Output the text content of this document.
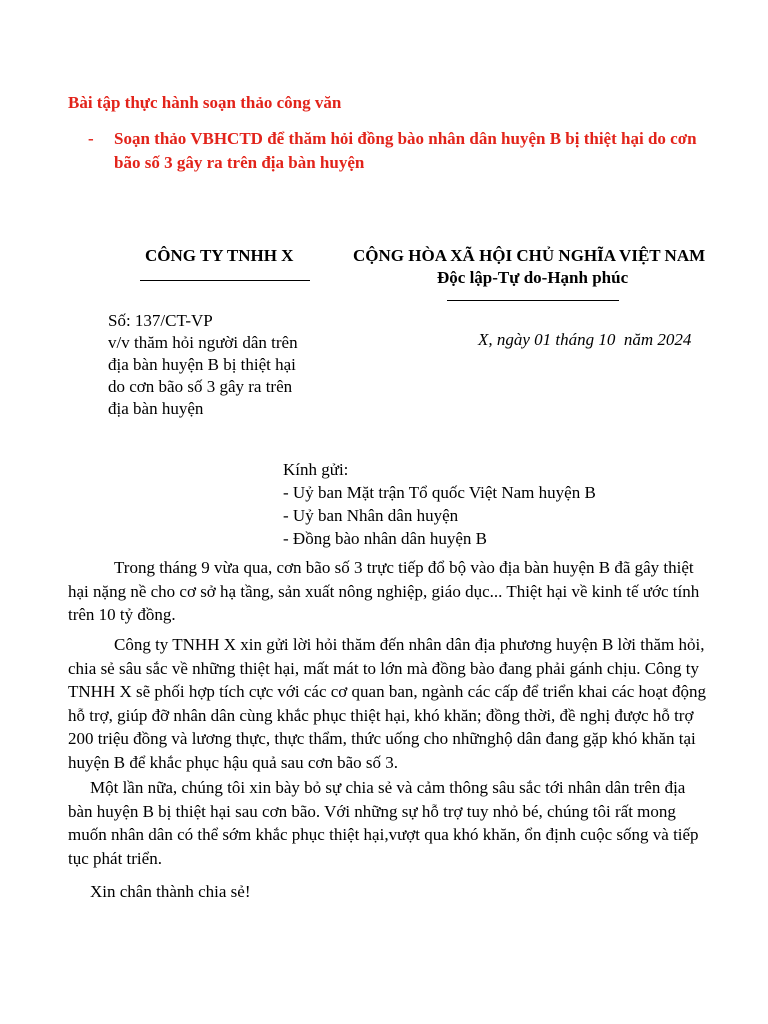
Bài tập thực hành soạn thảo công văn
- Soạn thảo VBHCTD để thăm hỏi đồng bào nhân dân huyện B bị thiệt hại do cơn bão số 3 gây ra trên địa bàn huyện
CÔNG TY TNHH X	CỘNG HÒA XÃ HỘI CHỦ NGHĨA VIỆT NAM
Độc lập-Tự do-Hạnh phúc
Số: 137/CT-VP
v/v thăm hỏi người dân trên
địa bàn huyện B bị thiệt hại
do cơn bão số 3 gây ra trên
địa bàn huyện
X, ngày 01 tháng 10  năm 2024
Kính gửi:
- Uỷ ban Mặt trận Tổ quốc Việt Nam huyện B
- Uỷ ban Nhân dân huyện
- Đồng bào nhân dân huyện B
Trong tháng 9 vừa qua, cơn bão số 3 trực tiếp đổ bộ vào địa bàn huyện B đã gây thiệt hại nặng nề cho cơ sở hạ tầng, sản xuất nông nghiệp, giáo dục... Thiệt hại về kinh tế ước tính trên 10 tỷ đồng.
Công ty TNHH X xin gửi lời hỏi thăm đến nhân dân địa phương huyện B lời thăm hỏi, chia sẻ sâu sắc về những thiệt hại, mất mát to lớn mà đồng bào đang phải gánh chịu. Công ty TNHH X sẽ phối hợp tích cực với các cơ quan ban, ngành các cấp để triển khai các hoạt động hỗ trợ, giúp đỡ nhân dân cùng khắc phục thiệt hại, khó khăn; đồng thời, đề nghị được hỗ trợ 200 triệu đồng và lương thực, thực thẩm, thức uống cho nhữnghộ dân đang gặp khó khăn tại huyện B để khắc phục hậu quả sau cơn bão số 3.
Một lần nữa, chúng tôi xin bày bỏ sự chia sẻ và cảm thông sâu sắc tới nhân dân trên địa bàn huyện B bị thiệt hại sau cơn bão. Với những sự hỗ trợ tuy nhỏ bé, chúng tôi rất mong muốn nhân dân có thể sớm khắc phục thiệt hại,vượt qua khó khăn, ổn định cuộc sống và tiếp tục phát triển.
Xin chân thành chia sẻ!
